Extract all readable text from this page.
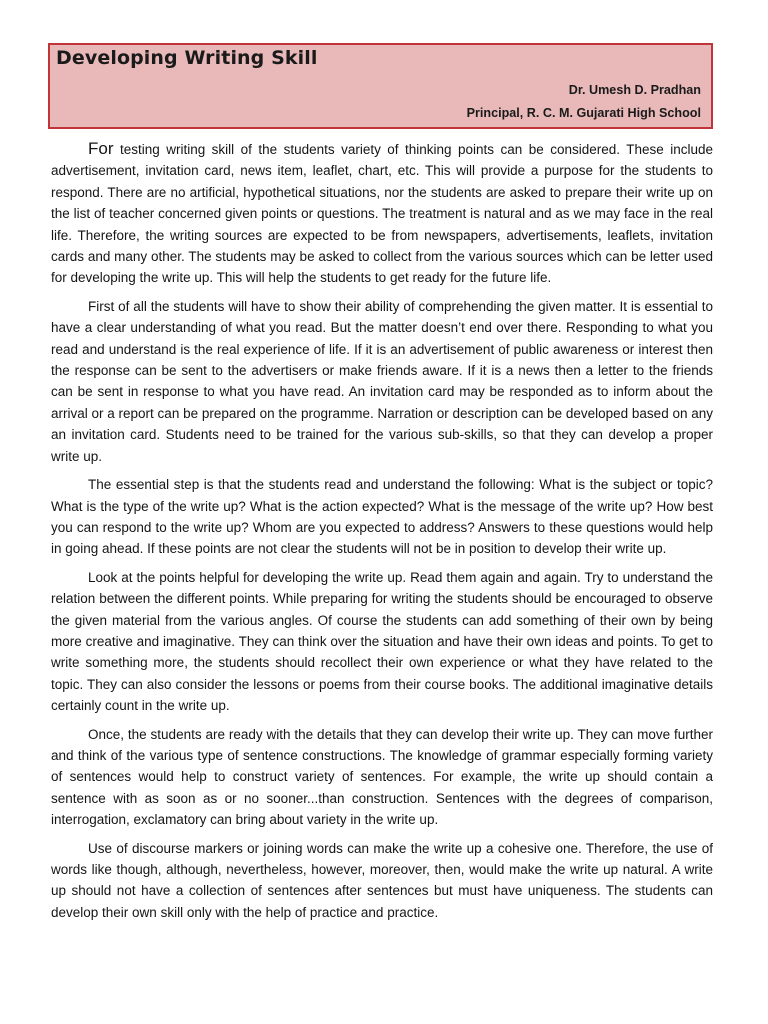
Developing Writing Skill
Dr. Umesh D. Pradhan
Principal, R. C. M. Gujarati High School

For testing writing skill of the students variety of thinking points can be considered. These include advertisement, invitation card, news item, leaflet, chart, etc. This will provide a purpose for the students to respond. There are no artificial, hypothetical situations, nor the students are asked to prepare their write up on the list of teacher concerned given points or questions. The treatment is natural and as we may face in the real life. Therefore, the writing sources are expected to be from newspapers, advertisements, leaflets, invitation cards and many other. The students may be asked to collect from the various sources which can be letter used for developing the write up. This will help the students to get ready for the future life.

First of all the students will have to show their ability of comprehending the given matter. It is essential to have a clear understanding of what you read. But the matter doesn’t end over there. Responding to what you read and understand is the real experience of life. If it is an advertisement of public awareness or interest then the response can be sent to the advertisers or make friends aware. If it is a news then a letter to the friends can be sent in response to what you have read. An invitation card may be responded as to inform about the arrival or a report can be prepared on the programme. Narration or description can be developed based on any an invitation card. Students need to be trained for the various sub-skills, so that they can develop a proper write up.

The essential step is that the students read and understand the following: What is the subject or topic? What is the type of the write up? What is the action expected? What is the message of the write up? How best you can respond to the write up? Whom are you expected to address? Answers to these questions would help in going ahead. If these points are not clear the students will not be in position to develop their write up.

Look at the points helpful for developing the write up. Read them again and again. Try to understand the relation between the different points. While preparing for writing the students should be encouraged to observe the given material from the various angles. Of course the students can add something of their own by being more creative and imaginative. They can think over the situation and have their own ideas and points. To get to write something more, the students should recollect their own experience or what they have related to the topic. They can also consider the lessons or poems from their course books. The additional imaginative details certainly count in the write up.

Once, the students are ready with the details that they can develop their write up. They can move further and think of the various type of sentence constructions. The knowledge of grammar especially forming variety of sentences would help to construct variety of sentences. For example, the write up should contain a sentence with as soon as or no sooner...than construction. Sentences with the degrees of comparison, interrogation, exclamatory can bring about variety in the write up.

Use of discourse markers or joining words can make the write up a cohesive one. Therefore, the use of words like though, although, nevertheless, however, moreover, then, would make the write up natural. A write up should not have a collection of sentences after sentences but must have uniqueness. The students can develop their own skill only with the help of practice and practice.
